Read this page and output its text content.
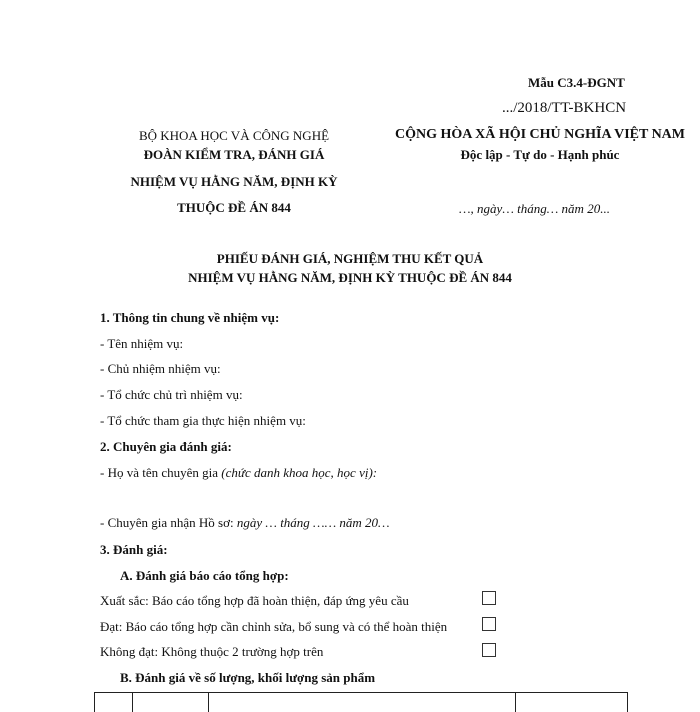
Mẫu C3.4-ĐGNT
.../2018/TT-BKHCN
BỘ KHOA HỌC VÀ CÔNG NGHỆ
ĐOÀN KIỂM TRA, ĐÁNH GIÁ
NHIỆM VỤ HẰNG NĂM, ĐỊNH KỲ
THUỘC ĐỀ ÁN 844
CỘNG HÒA XÃ HỘI CHỦ NGHĨA VIỆT NAM
Độc lập - Tự do - Hạnh phúc
…, ngày… tháng… năm 20...
PHIẾU ĐÁNH GIÁ, NGHIỆM THU KẾT QUẢ
NHIỆM VỤ HẰNG NĂM, ĐỊNH KỲ THUỘC ĐỀ ÁN 844
1. Thông tin chung về nhiệm vụ:
- Tên nhiệm vụ:
- Chủ nhiệm nhiệm vụ:
- Tổ chức chủ trì nhiệm vụ:
- Tổ chức tham gia thực hiện nhiệm vụ:
2. Chuyên gia đánh giá:
- Họ và tên chuyên gia (chức danh khoa học, học vị):
- Chuyên gia nhận Hồ sơ: ngày … tháng …… năm 20…
3. Đánh giá:
A. Đánh giá báo cáo tổng hợp:
Xuất sắc: Báo cáo tổng hợp đã hoàn thiện, đáp ứng yêu cầu
Đạt: Báo cáo tổng hợp cần chỉnh sửa, bổ sung và có thể hoàn thiện
Không đạt: Không thuộc 2 trường hợp trên
B. Đánh giá về số lượng, khối lượng sản phẩm
